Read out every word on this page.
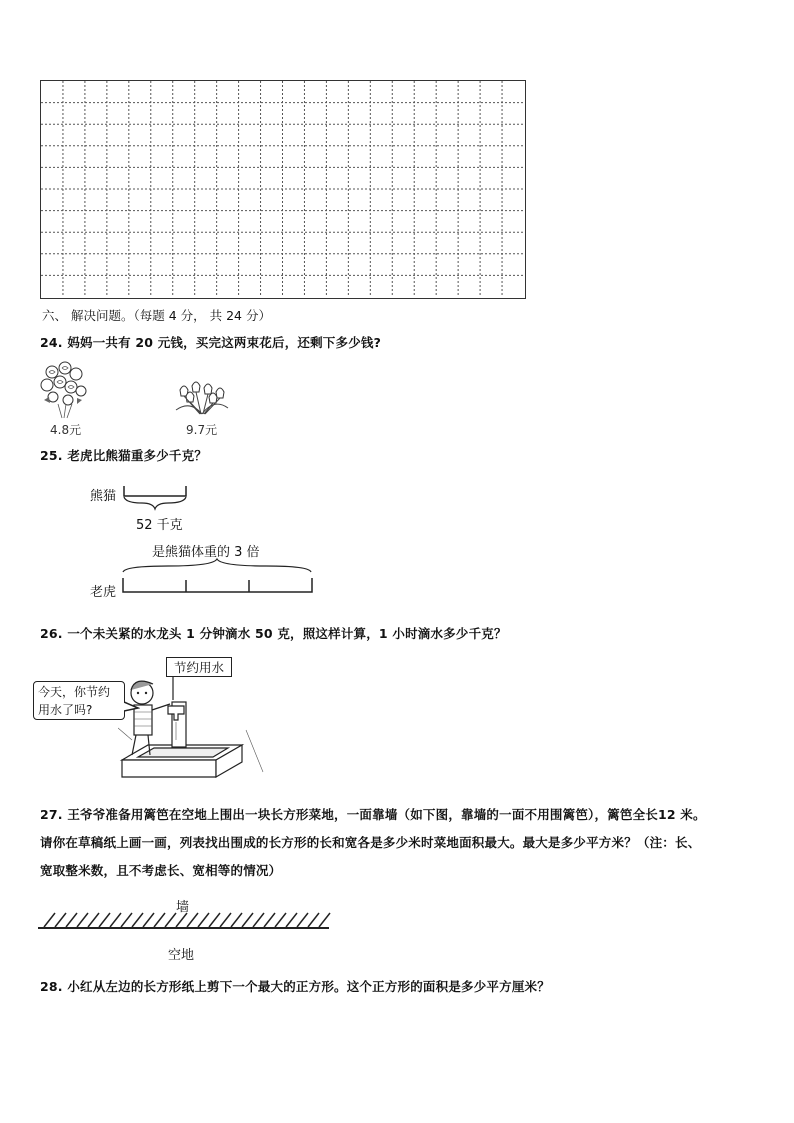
六、 解决问题。（每题 4 分， 共 24 分）
24. 妈妈一共有 20 元钱，买完这两束花后，还剩下多少钱?
4.8元	9.7元
25. 老虎比熊猫重多少千克？
熊猫
52 千克
是熊猫体重的 3 倍
老虎
26. 一个未关紧的水龙头 1 分钟滴水 50 克，照这样计算，1 小时滴水多少千克？
今天，你节约
用水了吗?
节约用水
27. 王爷爷准备用篱笆在空地上围出一块长方形菜地，一面靠墙（如下图，靠墙的一面不用围篱笆），篱笆全长12 米。
请你在草稿纸上画一画，列表找出围成的长方形的长和宽各是多少米时菜地面积最大。最大是多少平方米？（注：长、
宽取整米数，且不考虑长、宽相等的情况）
墙
空地
28. 小红从左边的长方形纸上剪下一个最大的正方形。这个正方形的面积是多少平方厘米？
